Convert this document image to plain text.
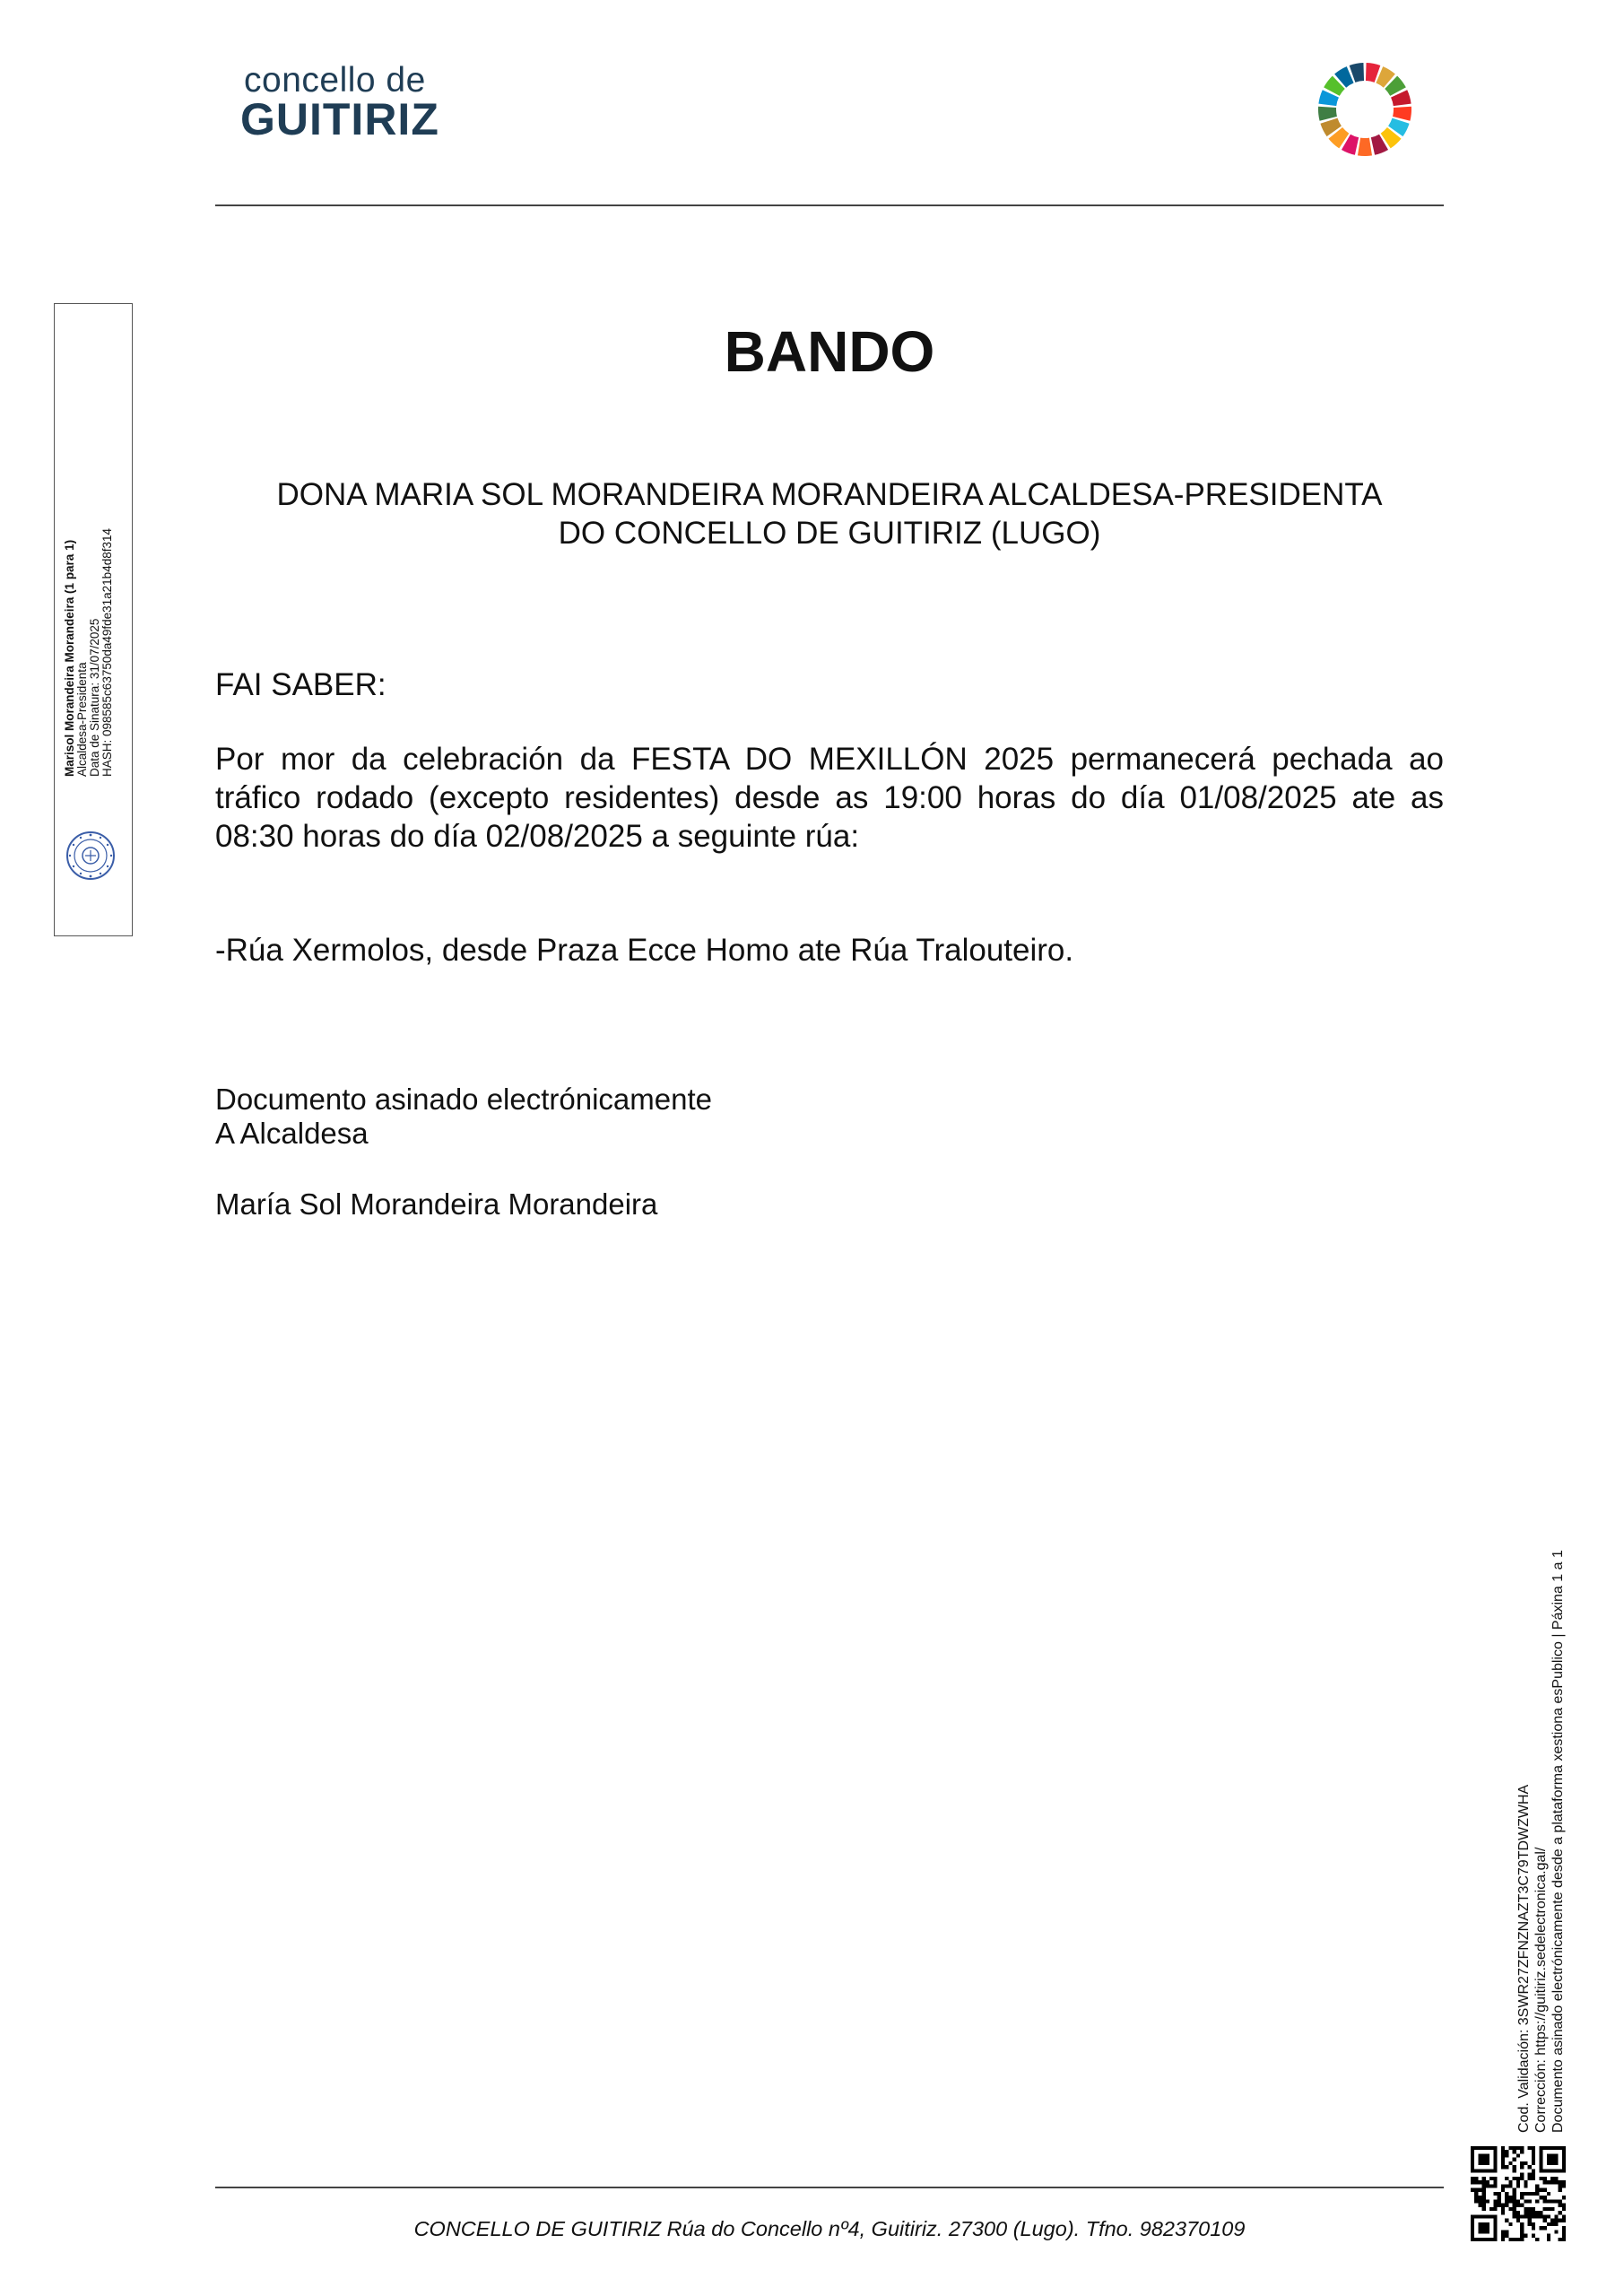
concello de
GUITIRIZ
Marisol Morandeira Morandeira (1 para 1) Alcaldesa-Presidenta Data de Sinatura: 31/07/2025 HASH: 098585c63750da49fde31a21b4d8f314
BANDO
DONA MARIA SOL MORANDEIRA MORANDEIRA ALCALDESA-PRESIDENTA
DO CONCELLO DE GUITIRIZ (LUGO)
FAI SABER:
Por mor da celebración da FESTA DO MEXILLÓN 2025 permanecerá pechada ao
tráfico rodado (excepto residentes) desde as 19:00 horas do día 01/08/2025 ate as
08:30 horas do día 02/08/2025 a seguinte rúa:
-Rúa Xermolos, desde Praza Ecce Homo ate Rúa Tralouteiro.
Documento asinado electrónicamente
A Alcaldesa
María Sol Morandeira Morandeira
Cod. Validación: 3SWR27ZFNZNAZT3C79TDWZWHA Corrección: https://guitiriz.sedelectronica.gal/ Documento asinado electrónicamente desde a plataforma xestiona esPublico | Páxina 1 a 1
CONCELLO DE GUITIRIZ Rúa do Concello nº4, Guitiriz. 27300 (Lugo). Tfno. 982370109
